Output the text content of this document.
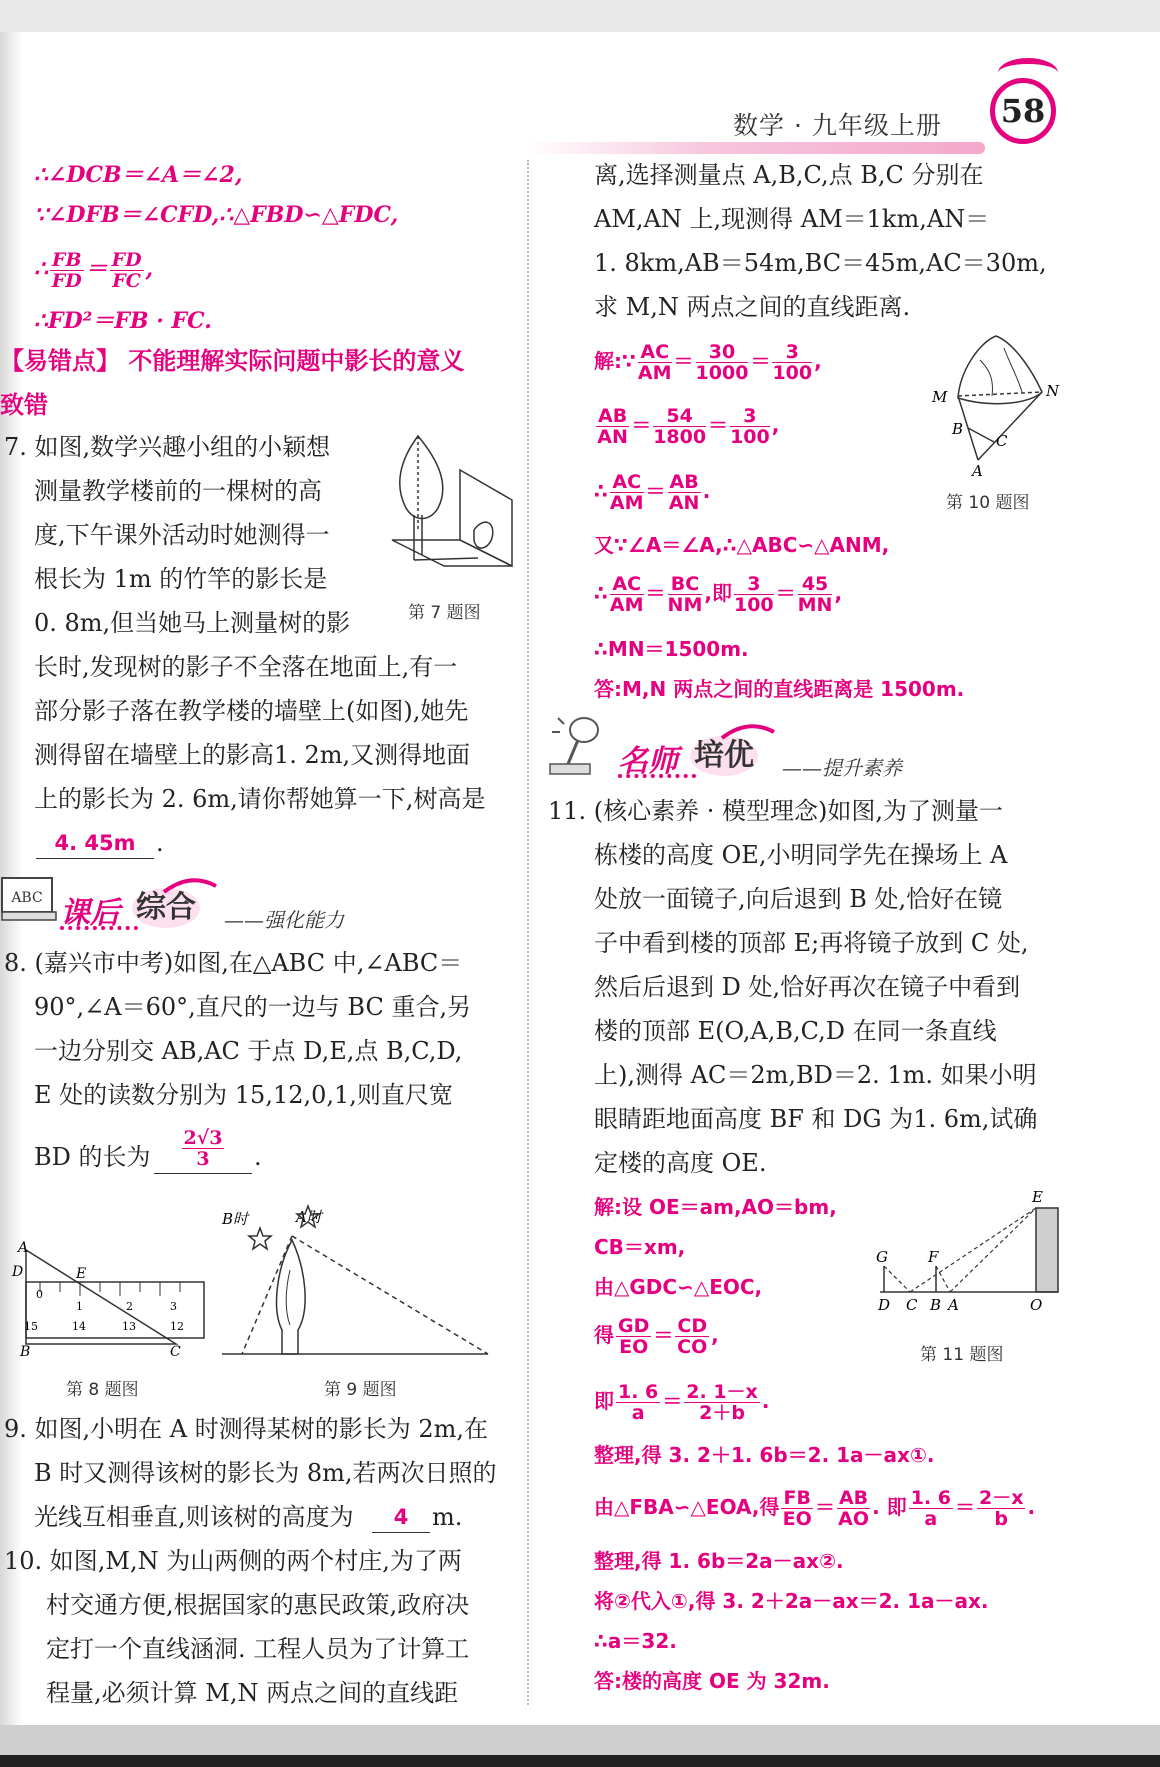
数学 · 九年级上册	58
∴∠DCB＝∠A＝∠2,
∵∠DFB＝∠CFD,∴△FBD∽△FDC,
∴ $\frac{FB}{FD} = \frac{FD}{FC}$ ,
∴FD²＝FB · FC.
【易错点】 不能理解实际问题中影长的意义
致错
7. 如图,数学兴趣小组的小颖想
测量教学楼前的一棵树的高
度,下午课外活动时她测得一
根长为 1m 的竹竿的影长是
0. 8m,但当她马上测量树的影
长时,发现树的影子不全落在地面上,有一
部分影子落在教学楼的墙壁上(如图),她先
测得留在墙壁上的影高1. 2m,又测得地面
上的影长为 2. 6m,请你帮她算一下,树高是
4. 45m .
第 7 题图
ABC 课后 综合 ——强化能力
8. (嘉兴市中考)如图,在△ABC 中,∠ABC＝
90°,∠A＝60°,直尺的一边与 BC 重合,另
一边分别交 AB,AC 于点 D,E,点 B,C,D,
E 处的读数分别为 15,12,0,1,则直尺宽
BD 的长为 $\frac{2√3}{3}$ .
A
D	E
B	C
0
1	2	3
15	14	13	12
第 8 题图
B时	A时
第 9 题图
9. 如图,小明在 A 时测得某树的影长为 2m,在
B 时又测得该树的影长为 8m,若两次日照的
光线互相垂直,则该树的高度为	4 m.
10. 如图,M,N 为山两侧的两个村庄,为了两
村交通方便,根据国家的惠民政策,政府决
定打一个直线涵洞. 工程人员为了计算工
程量,必须计算 M,N 两点之间的直线距
离,选择测量点 A,B,C,点 B,C 分别在
AM,AN 上,现测得 AM＝1km,AN＝
1. 8km,AB＝54m,BC＝45m,AC＝30m,
求 M,N 两点之间的直线距离.
解:∵ $\frac{AC}{AM} = \frac{30}{1000} = \frac{3}{100}$ ,
$\frac{AB}{AN} = \frac{54}{1800} = \frac{3}{100}$ ,
∴ $\frac{AC}{AM} = \frac{AB}{AN}$ .
又∵∠A＝∠A,∴△ABC∽△ANM,
∴ $\frac{AC}{AM} = \frac{BC}{NM}$ ,即 $\frac{3}{100} = \frac{45}{MN}$ ,
∴MN＝1500m.
答:M,N 两点之间的直线距离是 1500m.
M	N
B
C
A
第 10 题图
名师 培优 ——提升素养
11. (核心素养 · 模型理念)如图,为了测量一
栋楼的高度 OE,小明同学先在操场上 A
处放一面镜子,向后退到 B 处,恰好在镜
子中看到楼的顶部 E;再将镜子放到 C 处,
然后后退到 D 处,恰好再次在镜子中看到
楼的顶部 E(O,A,B,C,D 在同一条直线
上),测得 AC＝2m,BD＝2. 1m. 如果小明
眼睛距地面高度 BF 和 DG 为1. 6m,试确
定楼的高度 OE.
解:设 OE＝am,AO＝bm,
CB＝xm,
由△GDC∽△EOC,
得 $\frac{GD}{EO} = \frac{CD}{CO}$ ,
即 $\frac{1. 6}{a} = \frac{2. 1-x}{2+b}$ .
整理,得 3. 2＋1. 6b＝2. 1a－ax①.
由△FBA∽△EOA,得 $\frac{FB}{EO} = \frac{AB}{AO}$ . 即 $\frac{1. 6}{a} = \frac{2-x}{b}$ .
整理,得 1. 6b＝2a－ax②.
将②代入①,得 3. 2＋2a－ax＝2. 1a－ax.
∴a＝32.
答:楼的高度 OE 为 32m.
E
G	F
D C B A	O
第 11 题图
